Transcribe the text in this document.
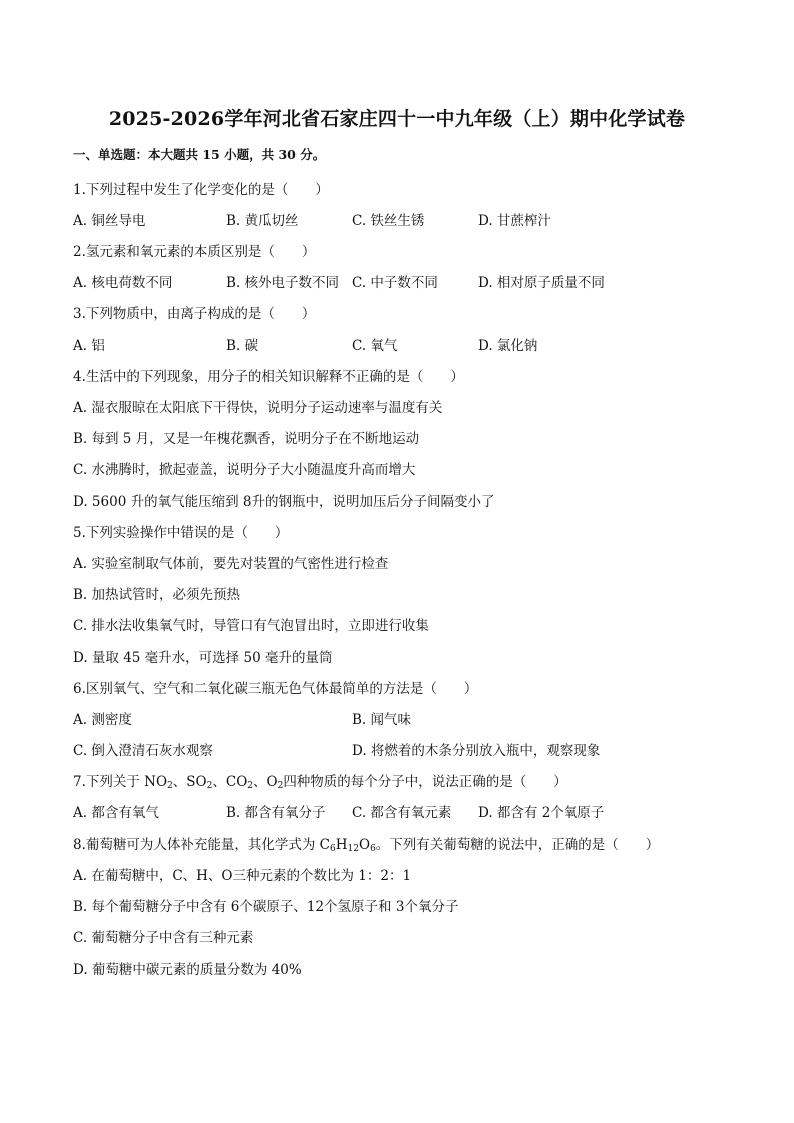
2025-2026学年河北省石家庄四十一中九年级（上）期中化学试卷
一、单选题：本大题共 15 小题，共 30 分。
1.下列过程中发生了化学变化的是（　　）
A. 铜丝导电	B. 黄瓜切丝	C. 铁丝生锈	D. 甘蔗榨汁
2.氢元素和氧元素的本质区别是（　　）
A. 核电荷数不同	B. 核外电子数不同 C. 中子数不同	D. 相对原子质量不同
3.下列物质中，由离子构成的是（　　）
A. 铝	B. 碳	C. 氧气	D. 氯化钠
4.生活中的下列现象，用分子的相关知识解释不正确的是（　　）
A. 湿衣服晾在太阳底下干得快，说明分子运动速率与温度有关
B. 每到 5 月，又是一年槐花飘香，说明分子在不断地运动
C. 水沸腾时，掀起壶盖，说明分子大小随温度升高而增大
D. 5600 升的氧气能压缩到 8升的钢瓶中，说明加压后分子间隔变小了
5.下列实验操作中错误的是（　　）
A. 实验室制取气体前，要先对装置的气密性进行检查
B. 加热试管时，必须先预热
C. 排水法收集氧气时，导管口有气泡冒出时，立即进行收集
D. 量取 45 毫升水，可选择 50 毫升的量筒
6.区别氧气、空气和二氧化碳三瓶无色气体最简单的方法是（　　）
A. 测密度	B. 闻气味
C. 倒入澄清石灰水观察	D. 将燃着的木条分别放入瓶中，观察现象
7.下列关于 $NO_2$、$SO_2$、$CO_2$、$O_2$四种物质的每个分子中，说法正确的是（　　）
A. 都含有氧气	B. 都含有氧分子 C. 都含有氧元素 D. 都含有 2个氧原子
8.葡萄糖可为人体补充能量，其化学式为 $C_6H_{12}O_6$。下列有关葡萄糖的说法中，正确的是（　　）
A. 在葡萄糖中，C、H、O三种元素的个数比为 1：2：1
B. 每个葡萄糖分子中含有 6个碳原子、12个氢原子和 3个氧分子
C. 葡萄糖分子中含有三种元素
D. 葡萄糖中碳元素的质量分数为 40%
